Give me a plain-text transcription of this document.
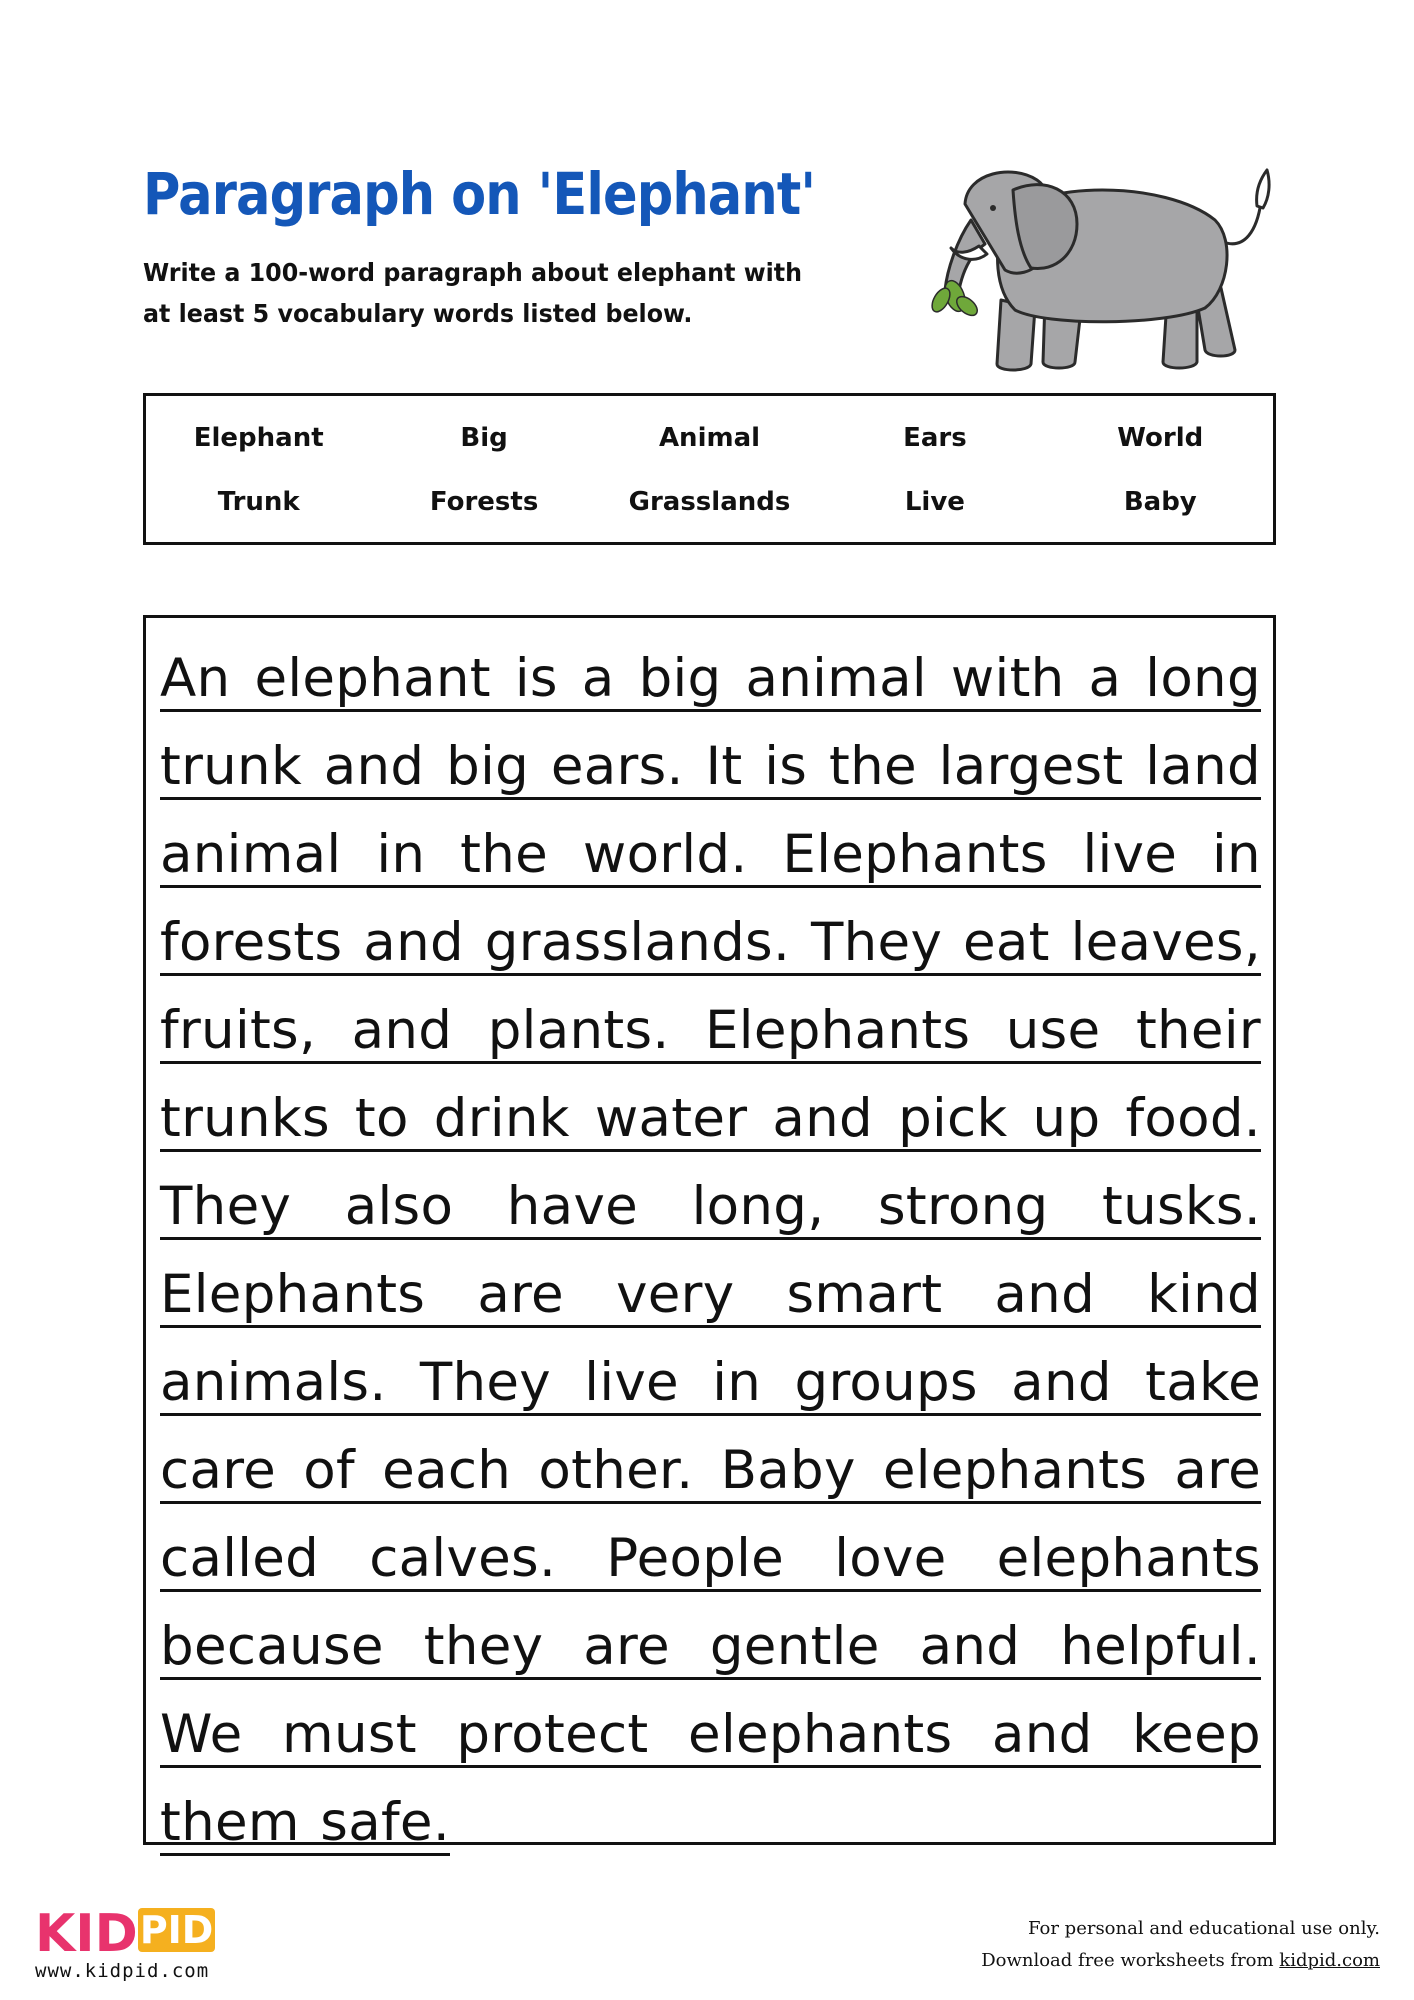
Paragraph on 'Elephant'
Write a 100-word paragraph about elephant with
at least 5 vocabulary words listed below.
Elephant	Big	Animal	Ears	World
Trunk	Forests	Grasslands	Live	Baby
An elephant is a big animal with a long
trunk and big ears. It is the largest land
animal in the world. Elephants live in
forests and grasslands. They eat leaves,
fruits, and plants. Elephants use their
trunks to drink water and pick up food.
They also have long, strong tusks.
Elephants are very smart and kind
animals. They live in groups and take
care of each other. Baby elephants are
called calves. People love elephants
because they are gentle and helpful.
We must protect elephants and keep
them safe.
KIDPID
www.kidpid.com
For personal and educational use only.
Download free worksheets from kidpid.com
